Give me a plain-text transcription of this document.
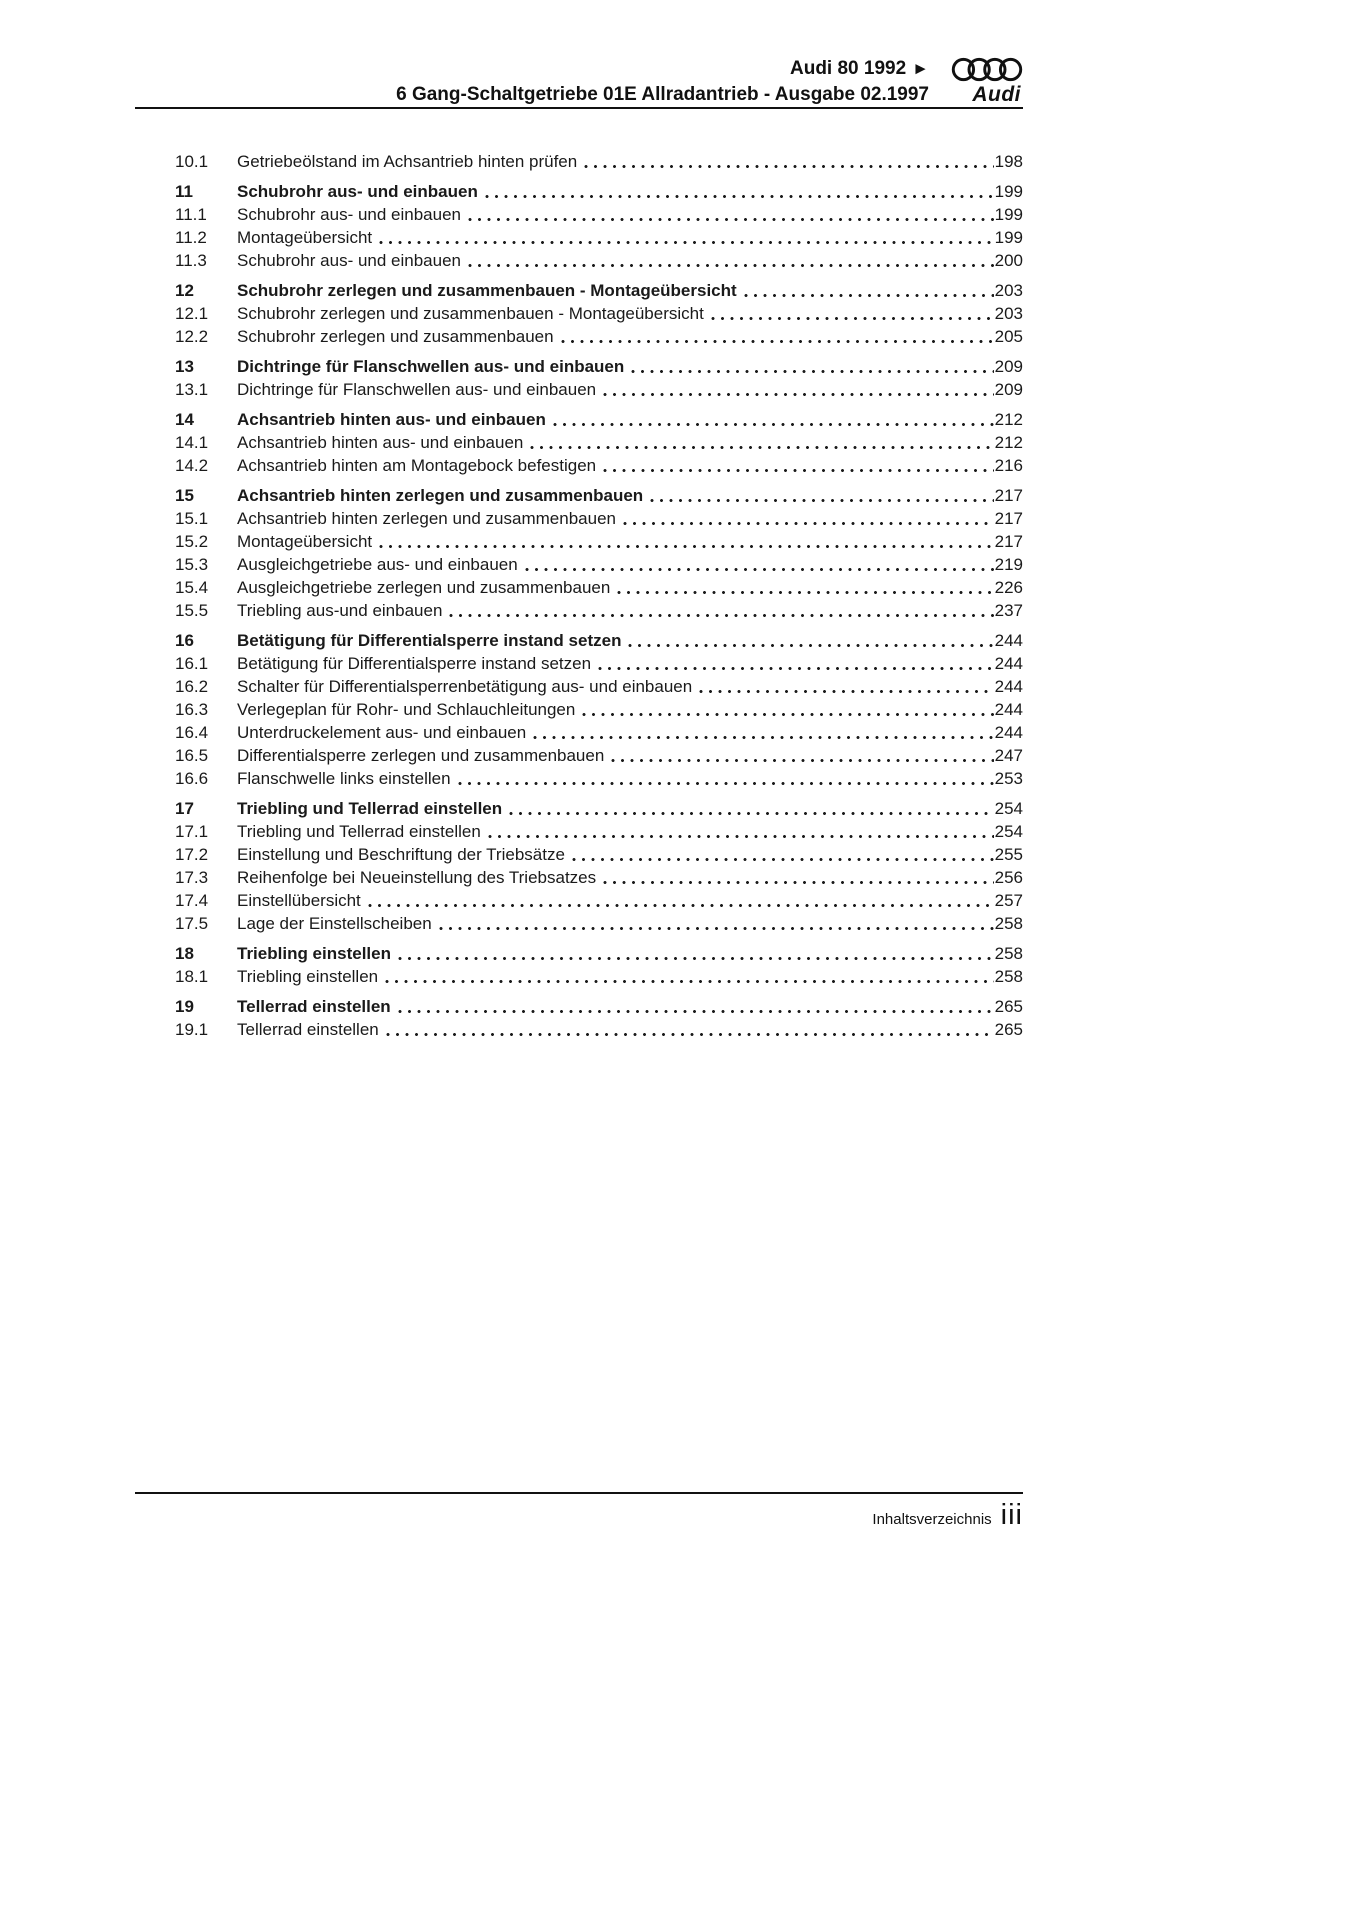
Audi 80 1992 ►
6 Gang-Schaltgetriebe 01E Allradantrieb - Ausgabe 02.1997 Audi
10.1	Getriebeölstand im Achsantrieb hinten prüfen	198
11	Schubrohr aus- und einbauen	199
11.1	Schubrohr aus- und einbauen	199
11.2	Montageübersicht	199
11.3	Schubrohr aus- und einbauen	200
12	Schubrohr zerlegen und zusammenbauen - Montageübersicht	203
12.1	Schubrohr zerlegen und zusammenbauen - Montageübersicht	203
12.2	Schubrohr zerlegen und zusammenbauen	205
13	Dichtringe für Flanschwellen aus- und einbauen	209
13.1	Dichtringe für Flanschwellen aus- und einbauen	209
14	Achsantrieb hinten aus- und einbauen	212
14.1	Achsantrieb hinten aus- und einbauen	212
14.2	Achsantrieb hinten am Montagebock befestigen	216
15	Achsantrieb hinten zerlegen und zusammenbauen	217
15.1	Achsantrieb hinten zerlegen und zusammenbauen	217
15.2	Montageübersicht	217
15.3	Ausgleichgetriebe aus- und einbauen	219
15.4	Ausgleichgetriebe zerlegen und zusammenbauen	226
15.5	Triebling aus-und einbauen	237
16	Betätigung für Differentialsperre instand setzen	244
16.1	Betätigung für Differentialsperre instand setzen	244
16.2	Schalter für Differentialsperrenbetätigung aus- und einbauen	244
16.3	Verlegeplan für Rohr- und Schlauchleitungen	244
16.4	Unterdruckelement aus- und einbauen	244
16.5	Differentialsperre zerlegen und zusammenbauen	247
16.6	Flanschwelle links einstellen	253
17	Triebling und Tellerrad einstellen	254
17.1	Triebling und Tellerrad einstellen	254
17.2	Einstellung und Beschriftung der Triebsätze	255
17.3	Reihenfolge bei Neueinstellung des Triebsatzes	256
17.4	Einstellübersicht	257
17.5	Lage der Einstellscheiben	258
18	Triebling einstellen	258
18.1	Triebling einstellen	258
19	Tellerrad einstellen	265
19.1	Tellerrad einstellen	265
Inhaltsverzeichnis iii
